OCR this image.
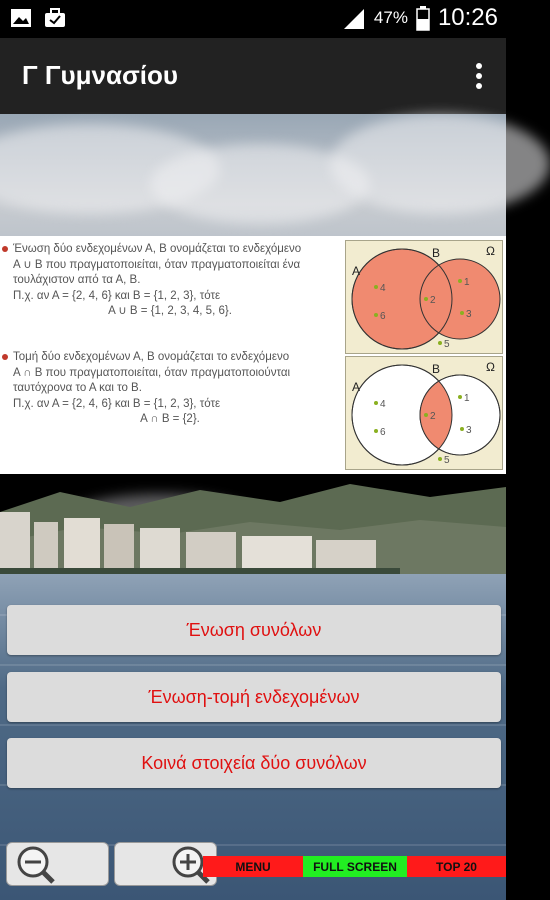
47% 10:26
Γ Γυμνασίου
Ένωση δύο ενδεχομένων Α, Β ονομάζεται το ενδεχόμενο
Α ∪ Β που πραγματοποιείται, όταν πραγματοποιείται ένα
τουλάχιστον από τα Α, Β.
Π.χ. αν Α = {2, 4, 6} και Β = {1, 2, 3}, τότε
Α ∪ Β = {1, 2, 3, 4, 5, 6}.
Τομή δύο ενδεχομένων Α, Β ονομάζεται το ενδεχόμενο
Α ∩ Β που πραγματοποιείται, όταν πραγματοποιούνται
ταυτόχρονα το Α και το Β.
Π.χ. αν Α = {2, 4, 6} και Β = {1, 2, 3}, τότε
Α ∩ Β = {2}.
Α
Β	Ω
4
6
2
1
3
5
Α
Β	Ω
4
6
2
1
3
5
Ένωση συνόλων
Ένωση-τομή ενδεχομένων
Κοινά στοιχεία δύο συνόλων
MENU	FULL SCREEN	TOP 20
